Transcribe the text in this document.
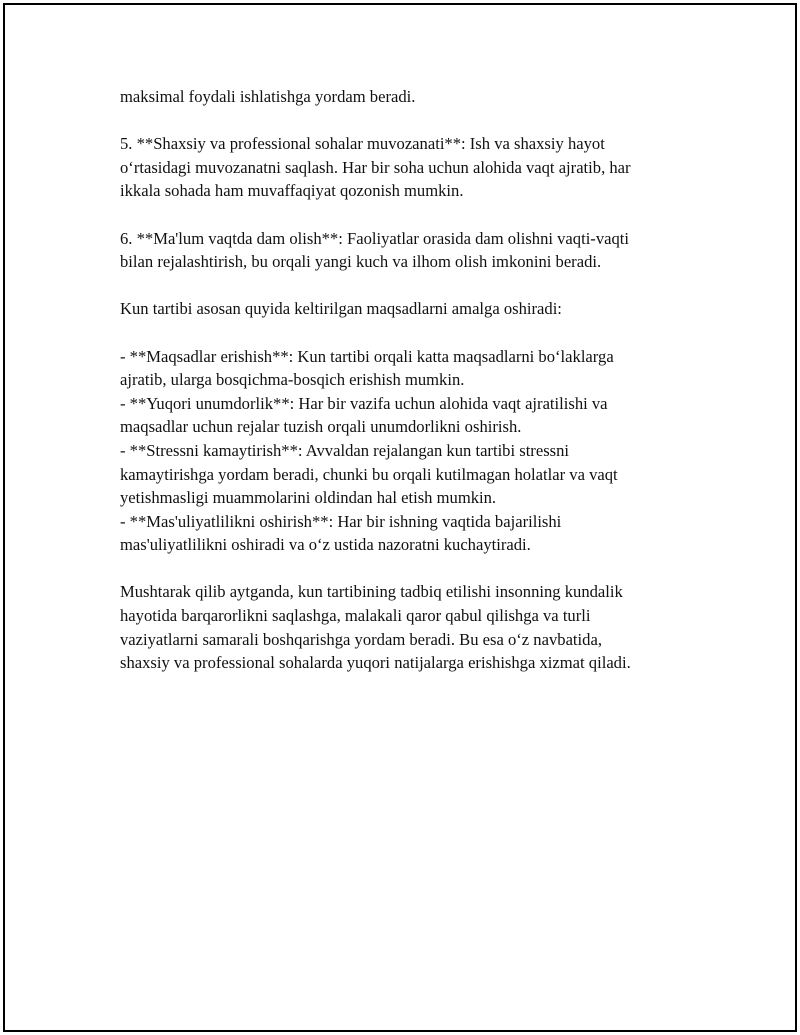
maksimal foydali ishlatishga yordam beradi.

5. **Shaxsiy va professional sohalar muvozanati**: Ish va shaxsiy hayot
o‘rtasidagi muvozanatni saqlash. Har bir soha uchun alohida vaqt ajratib, har
ikkala sohada ham muvaffaqiyat qozonish mumkin.

6. **Ma'lum vaqtda dam olish**: Faoliyatlar orasida dam olishni vaqti-vaqti
bilan rejalashtirish, bu orqali yangi kuch va ilhom olish imkonini beradi.

Kun tartibi asosan quyida keltirilgan maqsadlarni amalga oshiradi:

- **Maqsadlar erishish**: Kun tartibi orqali katta maqsadlarni bo‘laklarga
ajratib, ularga bosqichma-bosqich erishish mumkin.
- **Yuqori unumdorlik**: Har bir vazifa uchun alohida vaqt ajratilishi va
maqsadlar uchun rejalar tuzish orqali unumdorlikni oshirish.
- **Stressni kamaytirish**: Avvaldan rejalangan kun tartibi stressni
kamaytirishga yordam beradi, chunki bu orqali kutilmagan holatlar va vaqt
yetishmasligi muammolarini oldindan hal etish mumkin.
- **Mas'uliyatlilikni oshirish**: Har bir ishning vaqtida bajarilishi
mas'uliyatlilikni oshiradi va o‘z ustida nazoratni kuchaytiradi.

Mushtarak qilib aytganda, kun tartibining tadbiq etilishi insonning kundalik
hayotida barqarorlikni saqlashga, malakali qaror qabul qilishga va turli
vaziyatlarni samarali boshqarishga yordam beradi. Bu esa o‘z navbatida,
shaxsiy va professional sohalarda yuqori natijalarga erishishga xizmat qiladi.
